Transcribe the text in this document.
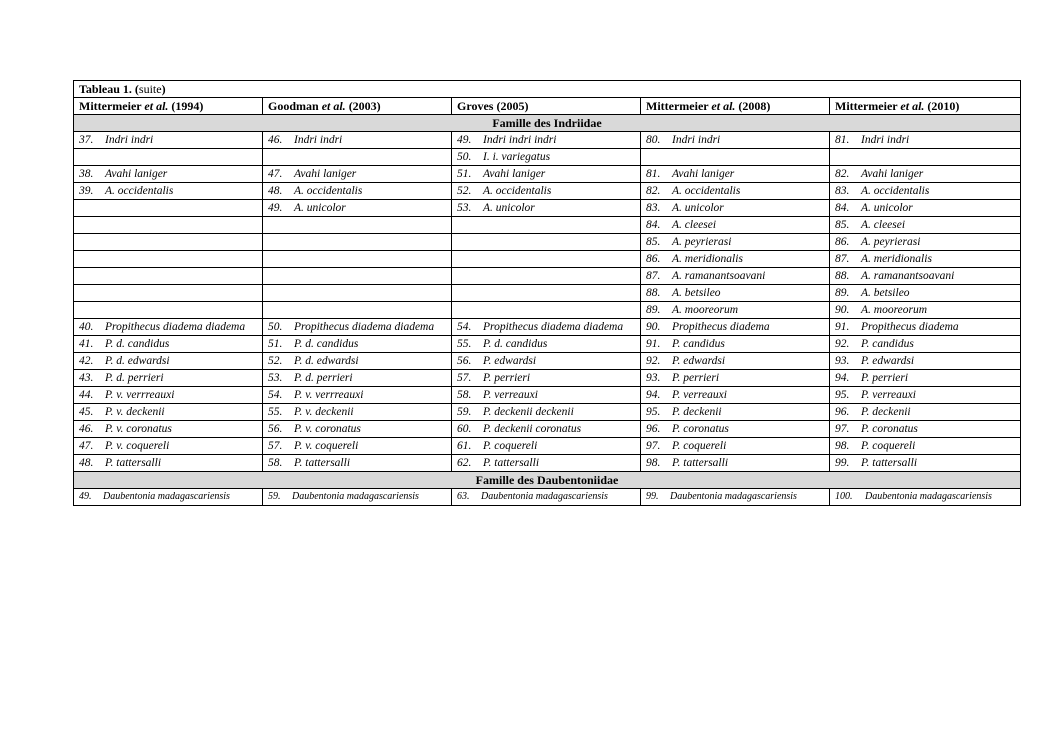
Tableau 1. (suite)				
Mittermeier et al. (1994)	Goodman et al. (2003)	Groves (2005)	Mittermeier et al. (2008)	Mittermeier et al. (2010)
Famille des Indriidae				
37. Indri indri	46. Indri indri	49. Indri indri indri	80. Indri indri	81. Indri indri
		50. I. i. variegatus		
38. Avahi laniger	47. Avahi laniger	51. Avahi laniger	81. Avahi laniger	82. Avahi laniger
39. A. occidentalis	48. A. occidentalis	52. A. occidentalis	82. A. occidentalis	83. A. occidentalis
	49. A. unicolor	53. A. unicolor	83. A. unicolor	84. A. unicolor
			84. A. cleesei	85. A. cleesei
			85. A. peyrierasi	86. A. peyrierasi
			86. A. meridionalis	87. A. meridionalis
			87. A. ramanantsoavani	88. A. ramanantsoavani
			88. A. betsileo	89. A. betsileo
			89. A. mooreorum	90. A. mooreorum
40. Propithecus diadema diadema	50. Propithecus diadema diadema	54. Propithecus diadema diadema	90. Propithecus diadema	91. Propithecus diadema
41. P. d. candidus	51. P. d. candidus	55. P. d. candidus	91. P. candidus	92. P. candidus
42. P. d. edwardsi	52. P. d. edwardsi	56. P. edwardsi	92. P. edwardsi	93. P. edwardsi
43. P. d. perrieri	53. P. d. perrieri	57. P. perrieri	93. P. perrieri	94. P. perrieri
44. P. v. verrreauxi	54. P. v. verrreauxi	58. P. verreauxi	94. P. verreauxi	95. P. verreauxi
45. P. v. deckenii	55. P. v. deckenii	59. P. deckenii deckenii	95. P. deckenii	96. P. deckenii
46. P. v. coronatus	56. P. v. coronatus	60. P. deckenii coronatus	96. P. coronatus	97. P. coronatus
47. P. v. coquereli	57. P. v. coquereli	61. P. coquereli	97. P. coquereli	98. P. coquereli
48. P. tattersalli	58. P. tattersalli	62. P. tattersalli	98. P. tattersalli	99. P. tattersalli
Famille des Daubentoniidae				
49. Daubentonia madagascariensis	59. Daubentonia madagascariensis	63. Daubentonia madagascariensis	99. Daubentonia madagascariensis	100. Daubentonia madagascariensis
